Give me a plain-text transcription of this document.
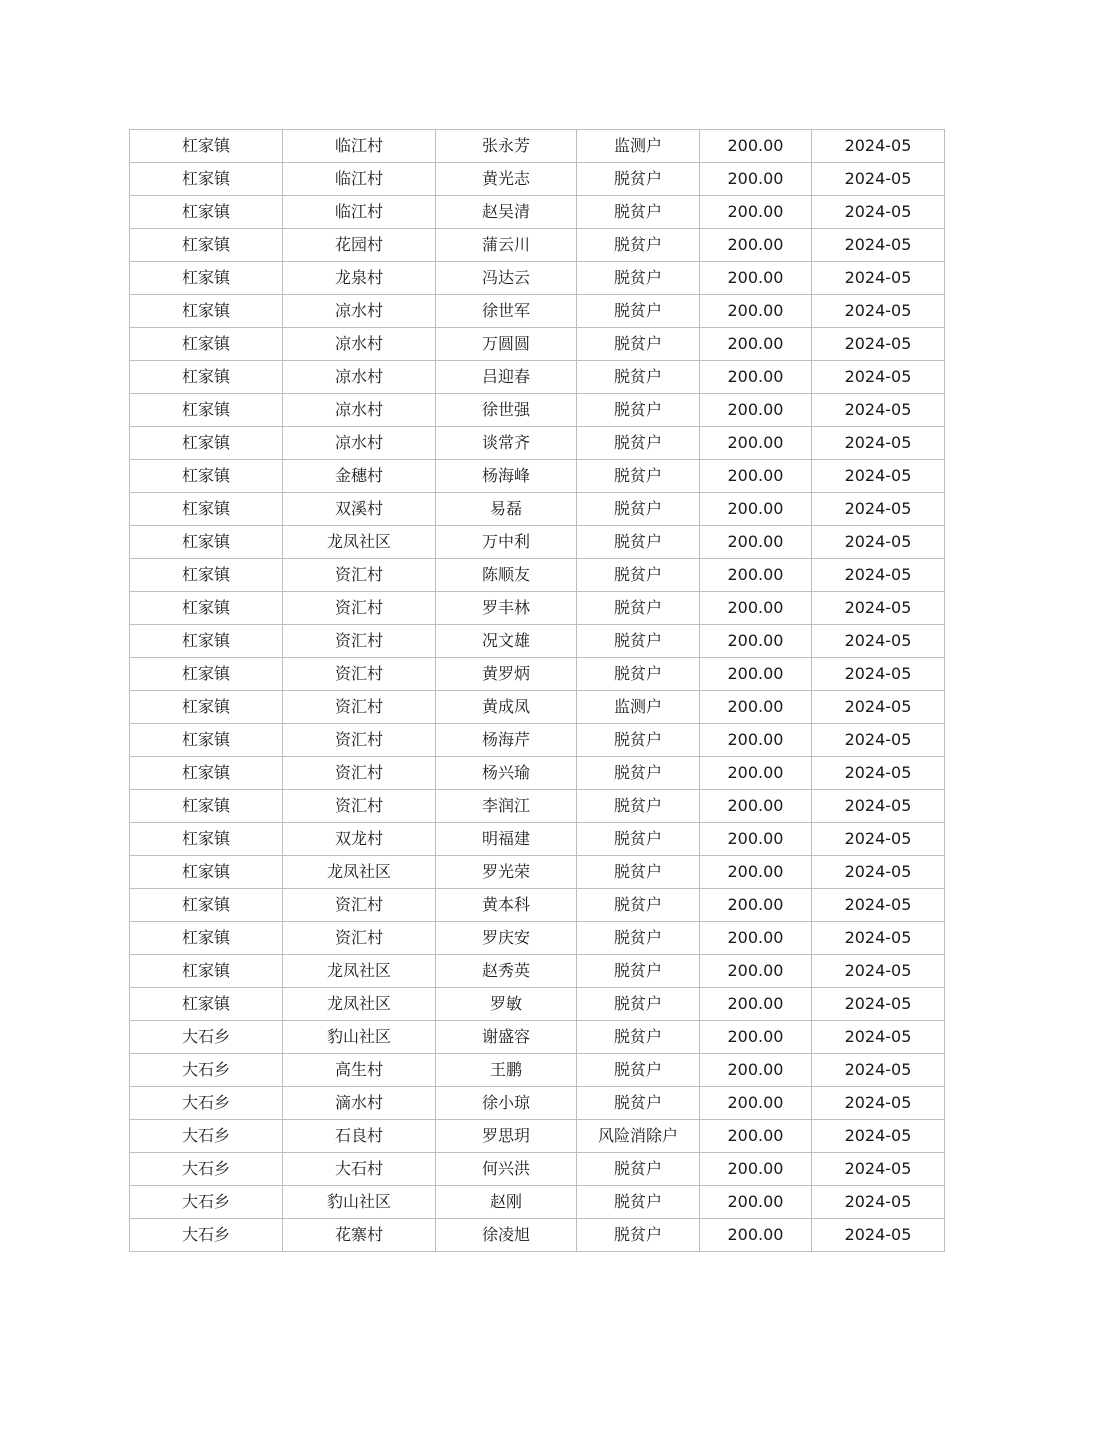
杠家镇	临江村	张永芳	监测户	200.00	2024-05
杠家镇	临江村	黄光志	脱贫户	200.00	2024-05
杠家镇	临江村	赵吴清	脱贫户	200.00	2024-05
杠家镇	花园村	蒲云川	脱贫户	200.00	2024-05
杠家镇	龙泉村	冯达云	脱贫户	200.00	2024-05
杠家镇	凉水村	徐世军	脱贫户	200.00	2024-05
杠家镇	凉水村	万圆圆	脱贫户	200.00	2024-05
杠家镇	凉水村	吕迎春	脱贫户	200.00	2024-05
杠家镇	凉水村	徐世强	脱贫户	200.00	2024-05
杠家镇	凉水村	谈常齐	脱贫户	200.00	2024-05
杠家镇	金穗村	杨海峰	脱贫户	200.00	2024-05
杠家镇	双溪村	易磊	脱贫户	200.00	2024-05
杠家镇	龙凤社区	万中利	脱贫户	200.00	2024-05
杠家镇	资汇村	陈顺友	脱贫户	200.00	2024-05
杠家镇	资汇村	罗丰林	脱贫户	200.00	2024-05
杠家镇	资汇村	况文雄	脱贫户	200.00	2024-05
杠家镇	资汇村	黄罗炳	脱贫户	200.00	2024-05
杠家镇	资汇村	黄成凤	监测户	200.00	2024-05
杠家镇	资汇村	杨海芹	脱贫户	200.00	2024-05
杠家镇	资汇村	杨兴瑜	脱贫户	200.00	2024-05
杠家镇	资汇村	李润江	脱贫户	200.00	2024-05
杠家镇	双龙村	明福建	脱贫户	200.00	2024-05
杠家镇	龙凤社区	罗光荣	脱贫户	200.00	2024-05
杠家镇	资汇村	黄本科	脱贫户	200.00	2024-05
杠家镇	资汇村	罗庆安	脱贫户	200.00	2024-05
杠家镇	龙凤社区	赵秀英	脱贫户	200.00	2024-05
杠家镇	龙凤社区	罗敏	脱贫户	200.00	2024-05
大石乡	豹山社区	谢盛容	脱贫户	200.00	2024-05
大石乡	高生村	王鹏	脱贫户	200.00	2024-05
大石乡	滴水村	徐小琼	脱贫户	200.00	2024-05
大石乡	石良村	罗思玥	风险消除户	200.00	2024-05
大石乡	大石村	何兴洪	脱贫户	200.00	2024-05
大石乡	豹山社区	赵刚	脱贫户	200.00	2024-05
大石乡	花寨村	徐凌旭	脱贫户	200.00	2024-05
